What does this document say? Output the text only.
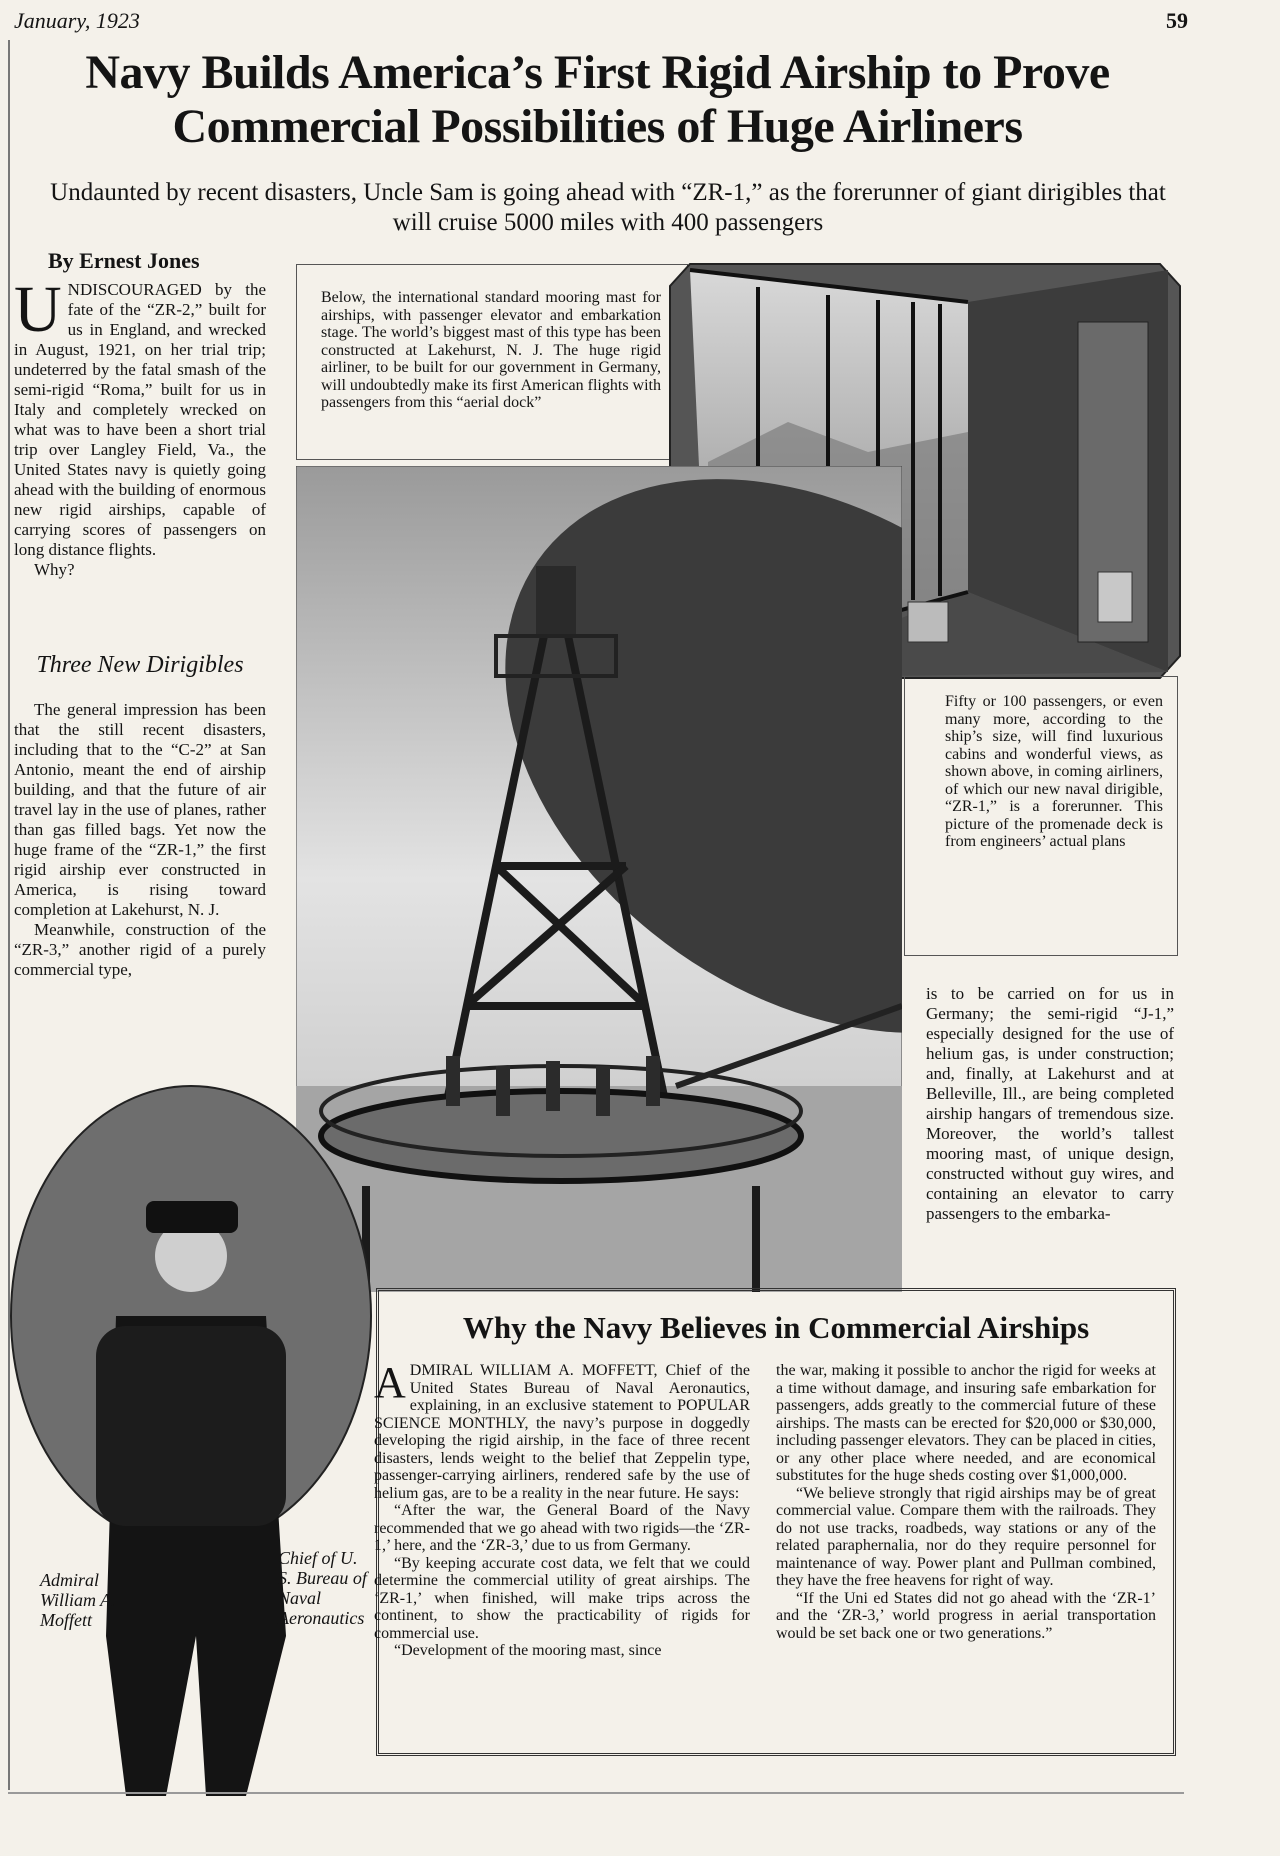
January, 1923	59
Navy Builds America’s First Rigid Airship to Prove Commercial Possibilities of Huge Airliners
Undaunted by recent disasters, Uncle Sam is going ahead with “ZR-1,” as the forerunner of giant dirigibles that will cruise 5000 miles with 400 passengers
By Ernest Jones
U NDISCOURAGED by the fate of the “ZR-2,” built for us in England, and wrecked in August, 1921, on her trial trip; undeterred by the fatal smash of the semi-rigid “Roma,” built for us in Italy and completely wrecked on what was to have been a short trial trip over Langley Field, Va., the United States navy is quietly going ahead with the building of enormous new rigid airships, capable of carrying scores of passengers on long distance flights.

Why?

Three New Dirigibles

The general impression has been that the still recent disasters, including that to the “C-2” at San Antonio, meant the end of airship building, and that the future of air travel lay in the use of planes, rather than gas filled bags. Yet now the huge frame of the “ZR-1,” the first rigid airship ever constructed in America, is rising toward completion at Lakehurst, N. J.

Meanwhile, construction of the “ZR-3,” another rigid of a purely commercial type,

Below, the international standard mooring mast for airships, with passenger elevator and embarkation stage. The world’s biggest mast of this type has been constructed at Lakehurst, N. J. The huge rigid airliner, to be built for our government in Germany, will undoubtedly make its first American flights with passengers from this “aerial dock”
Fifty or 100 passengers, or even many more, according to the ship’s size, will find luxurious cabins and wonderful views, as shown above, in coming airliners, of which our new naval dirigible, “ZR-1,” is a forerunner. This picture of the promenade deck is from engineers’ actual plans
is to be carried on for us in Germany; the semi-rigid “J-1,” especially designed for the use of helium gas, is under construction; and, finally, at Lakehurst and at Belleville, Ill., are being completed airship hangars of tremendous size. Moreover, the world’s tallest mooring mast, of unique design, constructed without guy wires, and containing an elevator to carry passengers to the embarka-
Admiral William A. Moffett
Chief of U. S. Bureau of Naval Aeronautics
Why the Navy Believes in Commercial Airships
A DMIRAL WILLIAM A. MOFFETT, Chief of the United States Bureau of Naval Aeronautics, explaining, in an exclusive statement to POPULAR SCIENCE MONTHLY, the navy’s purpose in doggedly developing the rigid airship, in the face of three recent disasters, lends weight to the belief that Zeppelin type, passenger-carrying airliners, rendered safe by the use of helium gas, are to be a reality in the near future. He says:

“After the war, the General Board of the Navy recommended that we go ahead with two rigids—the ‘ZR-1,’ here, and the ‘ZR-3,’ due to us from Germany.

“By keeping accurate cost data, we felt that we could determine the commercial utility of great airships. The ‘ZR-1,’ when finished, will make trips across the continent, to show the practicability of rigids for commercial use.

“Development of the mooring mast, since

the war, making it possible to anchor the rigid for weeks at a time without damage, and insuring safe embarkation for passengers, adds greatly to the commercial future of these airships. The masts can be erected for $20,000 or $30,000, including passenger elevators. They can be placed in cities, or any other place where needed, and are economical substitutes for the huge sheds costing over $1,000,000.

“We believe strongly that rigid airships may be of great commercial value. Compare them with the railroads. They do not use tracks, roadbeds, way stations or any of the related paraphernalia, nor do they require personnel for maintenance of way. Power plant and Pullman combined, they have the free heavens for right of way.

“If the Uni ed States did not go ahead with the ‘ZR-1’ and the ‘ZR-3,’ world progress in aerial transportation would be set back one or two generations.”
